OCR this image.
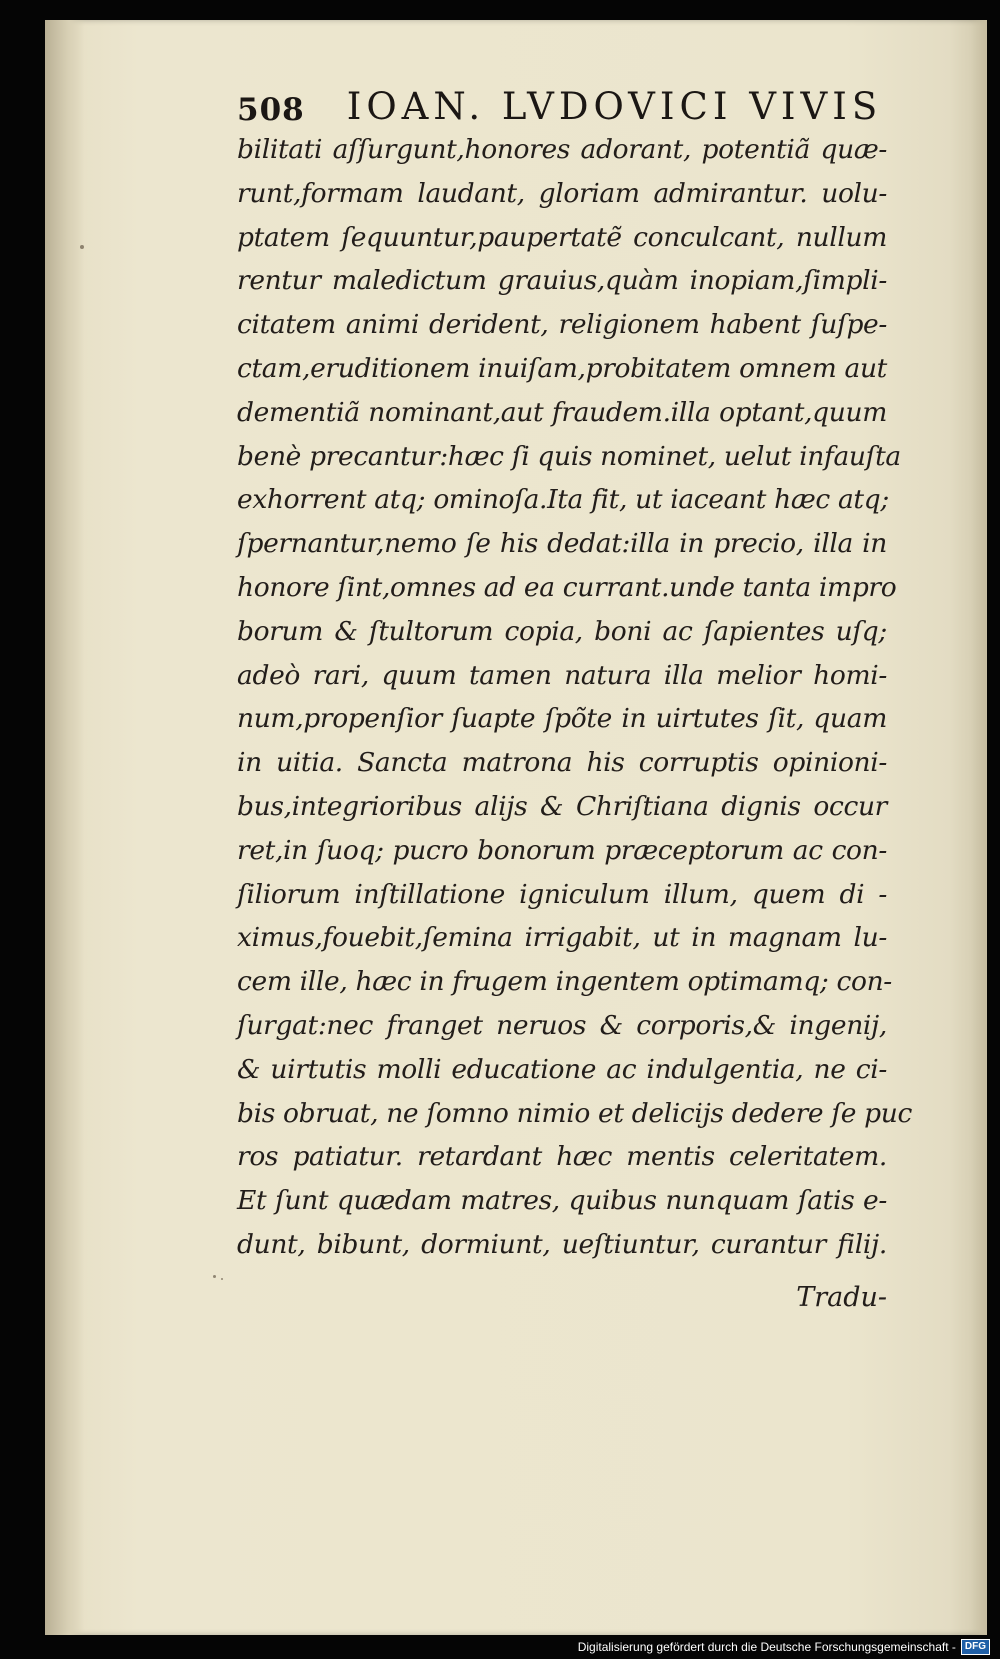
508 IOAN. LVDOVICI VIVIS
bilitati aſſurgunt,honores adorant, potentiã quæ-
runt,formam laudant, gloriam admirantur. uolu-
ptatem ſequuntur,paupertatẽ conculcant, nullum
rentur maledictum grauius,quàm inopiam,ſimpli-
citatem animi derident, religionem habent ſuſpe-
ctam,eruditionem inuiſam,probitatem omnem aut
dementiã nominant,aut fraudem.illa optant,quum
benè precantur:hæc ſi quis nominet, uelut infauſta
exhorrent atq; ominoſa.Ita fit, ut iaceant hæc atq;
ſpernantur,nemo ſe his dedat:illa in precio, illa in
honore ſint,omnes ad ea currant.unde tanta impro
borum & ſtultorum copia, boni ac ſapientes uſq;
adeò rari, quum tamen natura illa melior homi-
num,propenſior ſuapte ſpõte in uirtutes ſit, quam
in uitia. Sancta matrona his corruptis opinioni-
bus,integrioribus alijs & Chriſtiana dignis occur
ret,in ſuoq; pucro bonorum præceptorum ac con-
ſiliorum inſtillatione igniculum illum, quem di -
ximus,fouebit,ſemina irrigabit, ut in magnam lu-
cem ille, hæc in frugem ingentem optimamq; con-
ſurgat:nec franget neruos & corporis,& ingenij,
& uirtutis molli educatione ac indulgentia, ne ci-
bis obruat, ne ſomno nimio et delicijs dedere ſe puc
ros patiatur. retardant hæc mentis celeritatem.
Et ſunt quædam matres, quibus nunquam ſatis e-
dunt, bibunt, dormiunt, ueſtiuntur, curantur filij.
Tradu-
Digitalisierung gefördert durch die Deutsche Forschungsgemeinschaft - DFG
